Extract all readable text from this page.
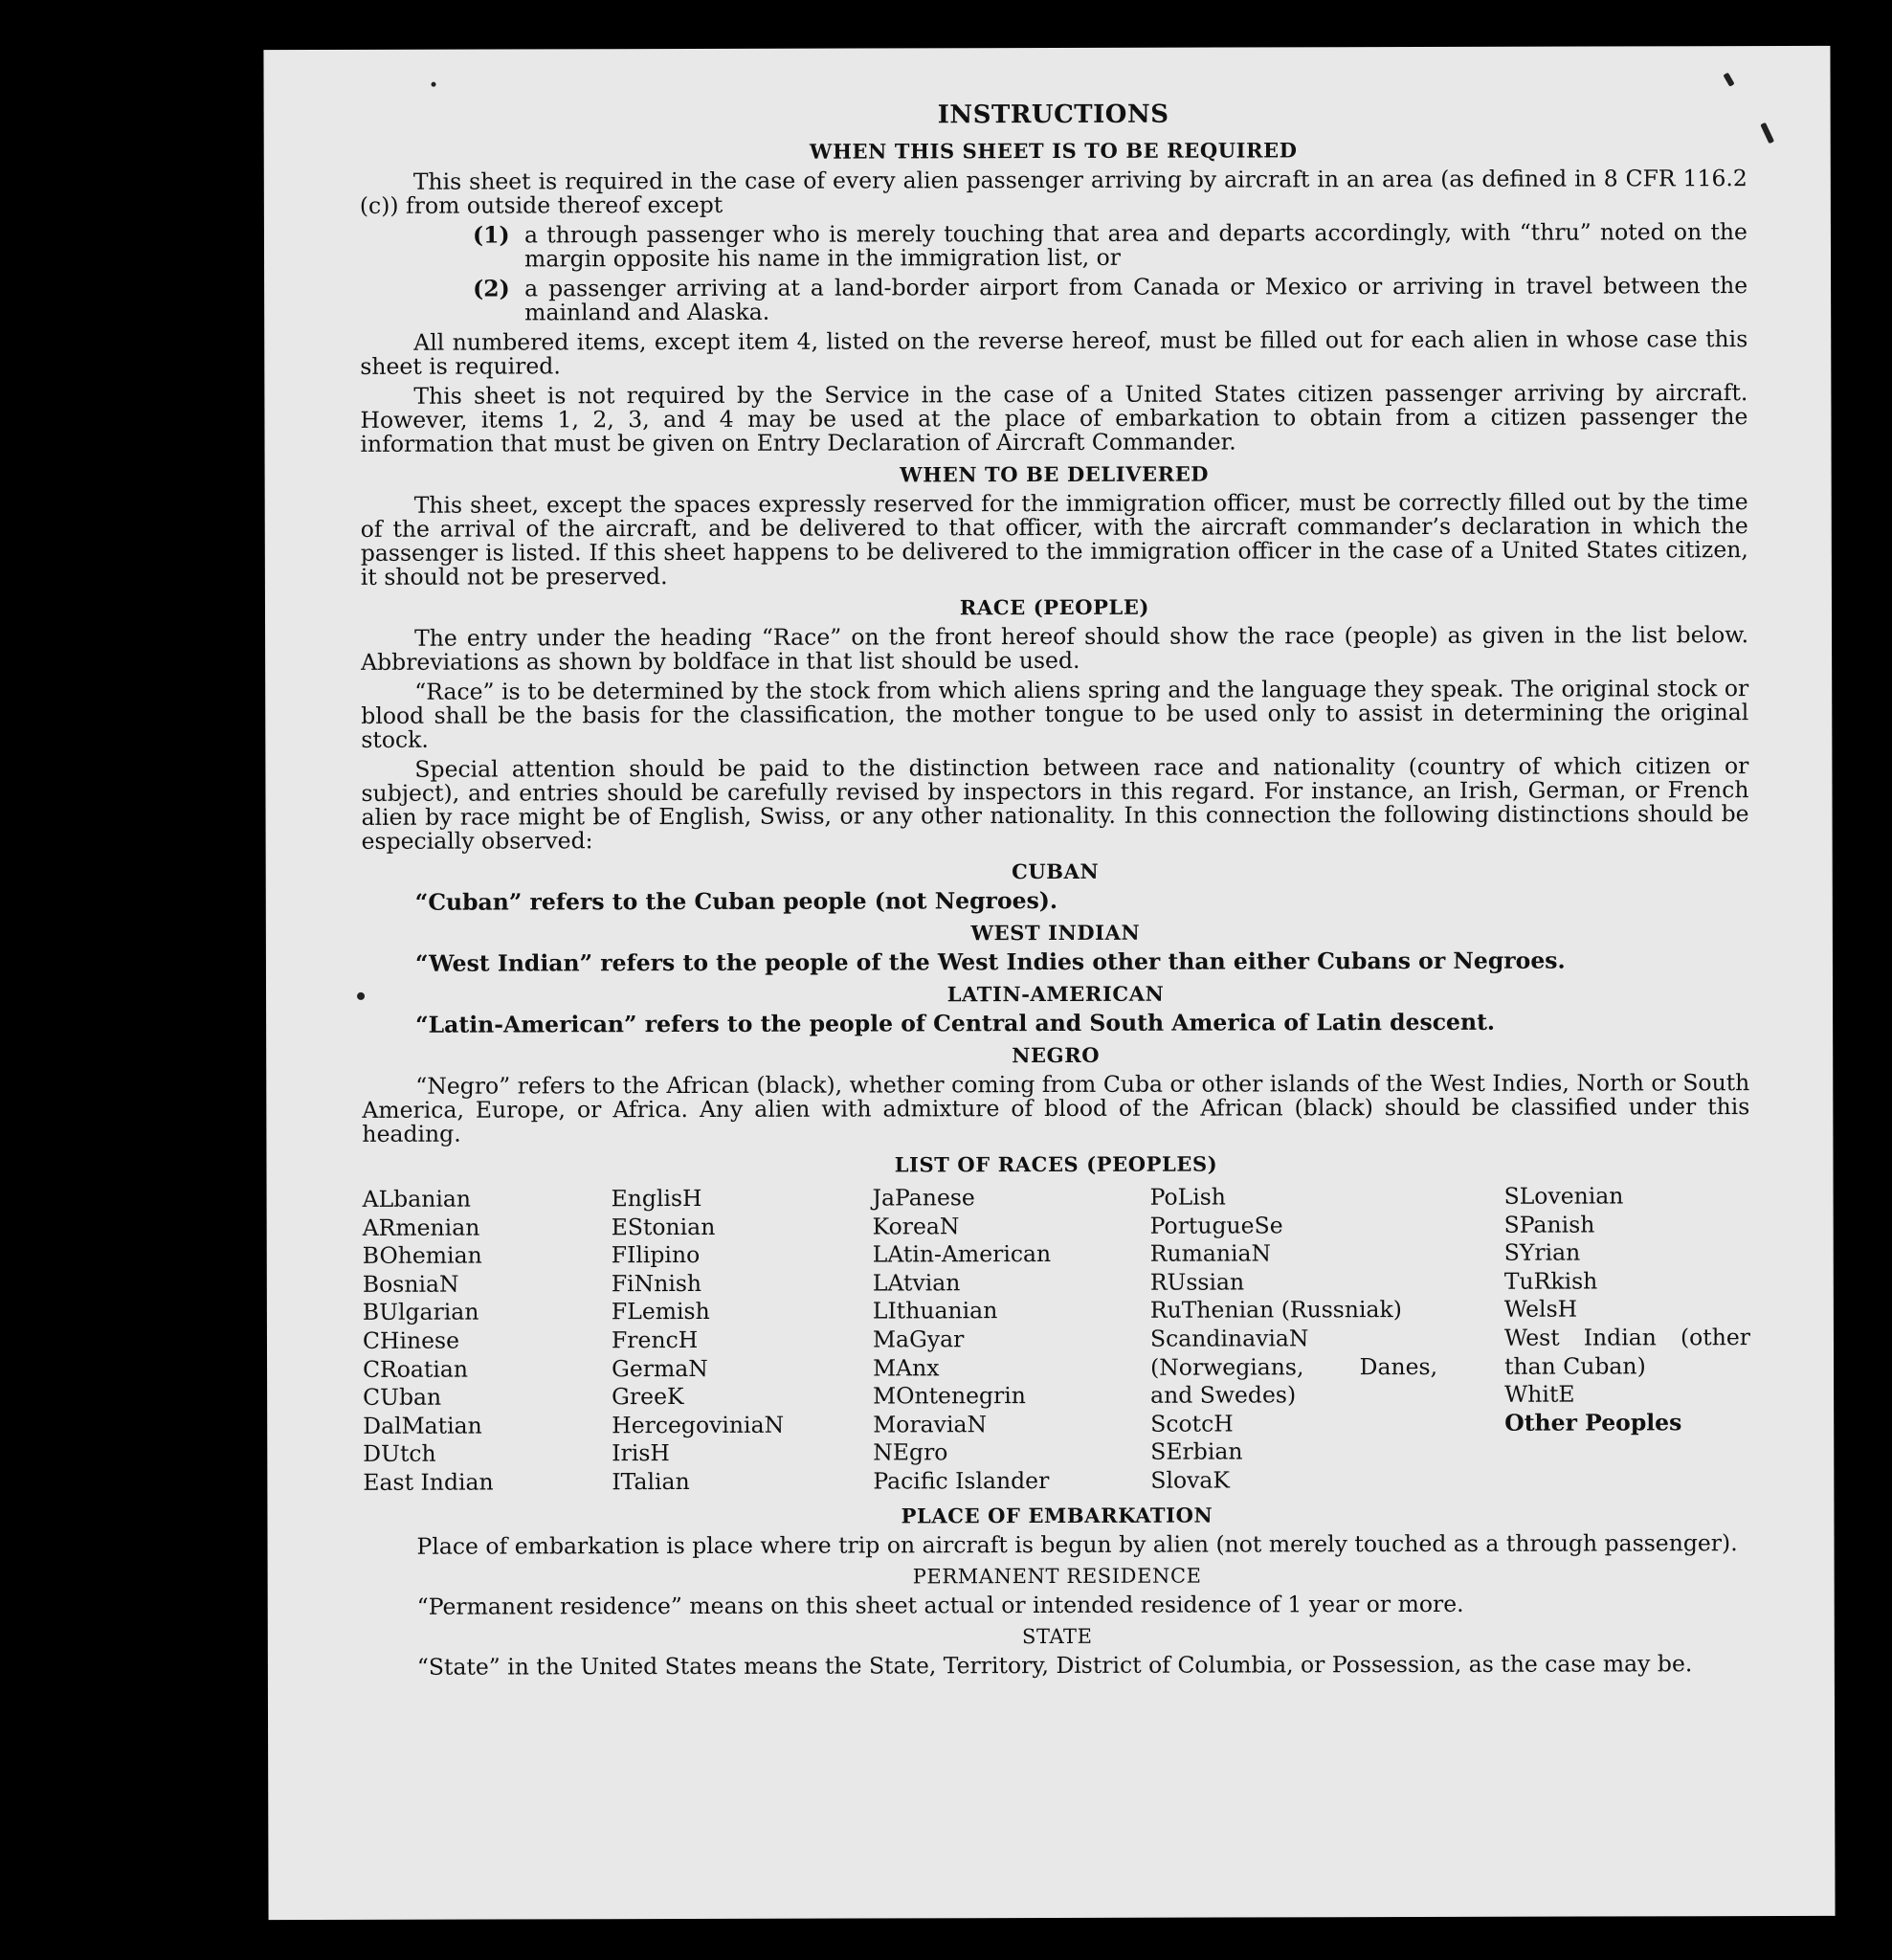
INSTRUCTIONS
WHEN THIS SHEET IS TO BE REQUIRED

This sheet is required in the case of every alien passenger arriving by aircraft in an area (as defined in 8 CFR 116.2 (c)) from outside thereof except

(1) a through passenger who is merely touching that area and departs accordingly, with “thru” noted on the margin opposite his name in the immigration list, or
(2) a passenger arriving at a land-border airport from Canada or Mexico or arriving in travel between the mainland and Alaska.

All numbered items, except item 4, listed on the reverse hereof, must be filled out for each alien in whose case this sheet is required.

This sheet is not required by the Service in the case of a United States citizen passenger arriving by aircraft. However, items 1, 2, 3, and 4 may be used at the place of embarkation to obtain from a citizen passenger the information that must be given on Entry Declaration of Aircraft Commander.

WHEN TO BE DELIVERED

This sheet, except the spaces expressly reserved for the immigration officer, must be correctly filled out by the time of the arrival of the aircraft, and be delivered to that officer, with the aircraft commander’s declaration in which the passenger is listed. If this sheet happens to be delivered to the immigration officer in the case of a United States citizen, it should not be preserved.

RACE (PEOPLE)

The entry under the heading “Race” on the front hereof should show the race (people) as given in the list below. Abbreviations as shown by boldface in that list should be used.

“Race” is to be determined by the stock from which aliens spring and the language they speak. The original stock or blood shall be the basis for the classification, the mother tongue to be used only to assist in determining the original stock.

Special attention should be paid to the distinction between race and nationality (country of which citizen or subject), and entries should be carefully revised by inspectors in this regard. For instance, an Irish, German, or French alien by race might be of English, Swiss, or any other nationality. In this connection the following distinctions should be especially observed:

CUBAN
“Cuban” refers to the Cuban people (not Negroes).
WEST INDIAN
“West Indian” refers to the people of the West Indies other than either Cubans or Negroes.
LATIN-AMERICAN
“Latin-American” refers to the people of Central and South America of Latin descent.
NEGRO

“Negro” refers to the African (black), whether coming from Cuba or other islands of the West Indies, North or South America, Europe, or Africa. Any alien with admixture of blood of the African (black) should be classified under this heading.

LIST OF RACES (PEOPLES)
ALbanian
ARmenian
BOhemian
BosniaN
BUlgarian
CHinese
CRoatian
CUban
DalMatian
DUtch
East Indian
EnglisH
EStonian
FIlipino
FiNnish
FLemish
FrencH
GermaN
GreeK
HercegoviniaN
IrisH
ITalian
JaPanese
KoreaN
LAtin-American
LAtvian
LIthuanian
MaGyar
MAnx
MOntenegrin
MoraviaN
NEgro
Pacific Islander
PoLish
PortugueSe
RumaniaN
RUssian
RuThenian (Russniak)
ScandinaviaN (Norwegians, Danes, and Swedes)
ScotcH
SErbian
SlovaK
SLovenian
SPanish
SYrian
TuRkish
WelsH
West Indian (other than Cuban)
WhitE
Other Peoples
PLACE OF EMBARKATION

Place of embarkation is place where trip on aircraft is begun by alien (not merely touched as a through passenger).

PERMANENT RESIDENCE

“Permanent residence” means on this sheet actual or intended residence of 1 year or more.

STATE

“State” in the United States means the State, Territory, District of Columbia, or Possession, as the case may be.
